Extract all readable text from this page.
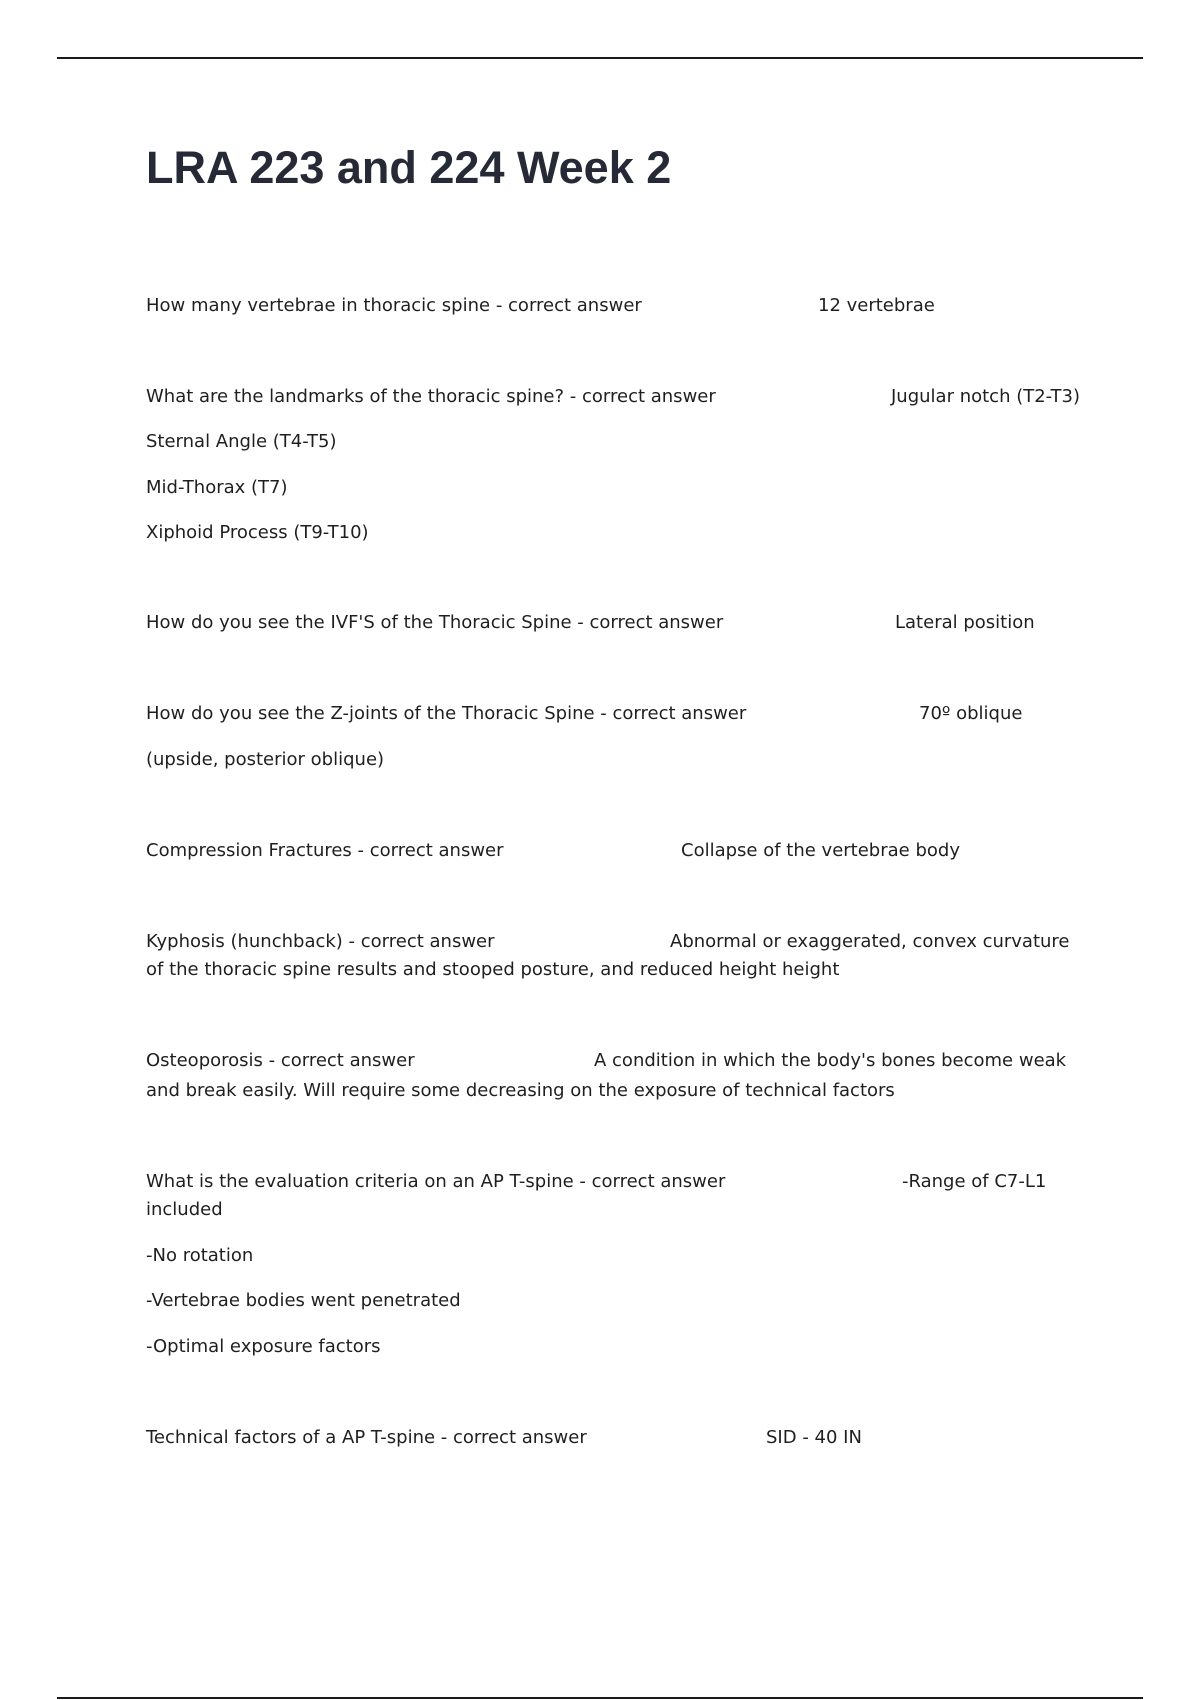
LRA 223 and 224 Week 2
How many vertebrae in thoracic spine - correct answer	12 vertebrae
What are the landmarks of the thoracic spine? - correct answer	Jugular notch (T2-T3)
Sternal Angle (T4-T5)
Mid-Thorax (T7)
Xiphoid Process (T9-T10)
How do you see the IVF'S of the Thoracic Spine - correct answer	Lateral position
How do you see the Z-joints of the Thoracic Spine - correct answer	70º oblique
(upside, posterior oblique)
Compression Fractures - correct answer	Collapse of the vertebrae body
Kyphosis (hunchback) - correct answer	Abnormal or exaggerated, convex curvature
of the thoracic spine results and stooped posture, and reduced height height
Osteoporosis - correct answer	A condition in which the body's bones become weak
and break easily. Will require some decreasing on the exposure of technical factors
What is the evaluation criteria on an AP T-spine - correct answer	-Range of C7-L1
included
-No rotation
-Vertebrae bodies went penetrated
-Optimal exposure factors
Technical factors of a AP T-spine - correct answer	SID - 40 IN
